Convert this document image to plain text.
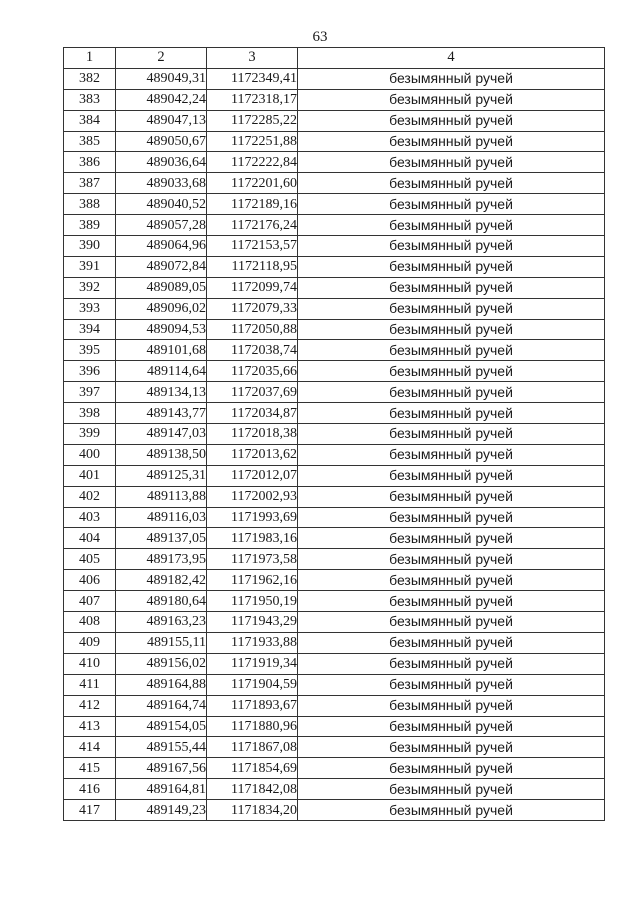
63
1	2	3	4
382	489049,31	1172349,41	безымянный ручей
383	489042,24	1172318,17	безымянный ручей
384	489047,13	1172285,22	безымянный ручей
385	489050,67	1172251,88	безымянный ручей
386	489036,64	1172222,84	безымянный ручей
387	489033,68	1172201,60	безымянный ручей
388	489040,52	1172189,16	безымянный ручей
389	489057,28	1172176,24	безымянный ручей
390	489064,96	1172153,57	безымянный ручей
391	489072,84	1172118,95	безымянный ручей
392	489089,05	1172099,74	безымянный ручей
393	489096,02	1172079,33	безымянный ручей
394	489094,53	1172050,88	безымянный ручей
395	489101,68	1172038,74	безымянный ручей
396	489114,64	1172035,66	безымянный ручей
397	489134,13	1172037,69	безымянный ручей
398	489143,77	1172034,87	безымянный ручей
399	489147,03	1172018,38	безымянный ручей
400	489138,50	1172013,62	безымянный ручей
401	489125,31	1172012,07	безымянный ручей
402	489113,88	1172002,93	безымянный ручей
403	489116,03	1171993,69	безымянный ручей
404	489137,05	1171983,16	безымянный ручей
405	489173,95	1171973,58	безымянный ручей
406	489182,42	1171962,16	безымянный ручей
407	489180,64	1171950,19	безымянный ручей
408	489163,23	1171943,29	безымянный ручей
409	489155,11	1171933,88	безымянный ручей
410	489156,02	1171919,34	безымянный ручей
411	489164,88	1171904,59	безымянный ручей
412	489164,74	1171893,67	безымянный ручей
413	489154,05	1171880,96	безымянный ручей
414	489155,44	1171867,08	безымянный ручей
415	489167,56	1171854,69	безымянный ручей
416	489164,81	1171842,08	безымянный ручей
417	489149,23	1171834,20	безымянный ручей
